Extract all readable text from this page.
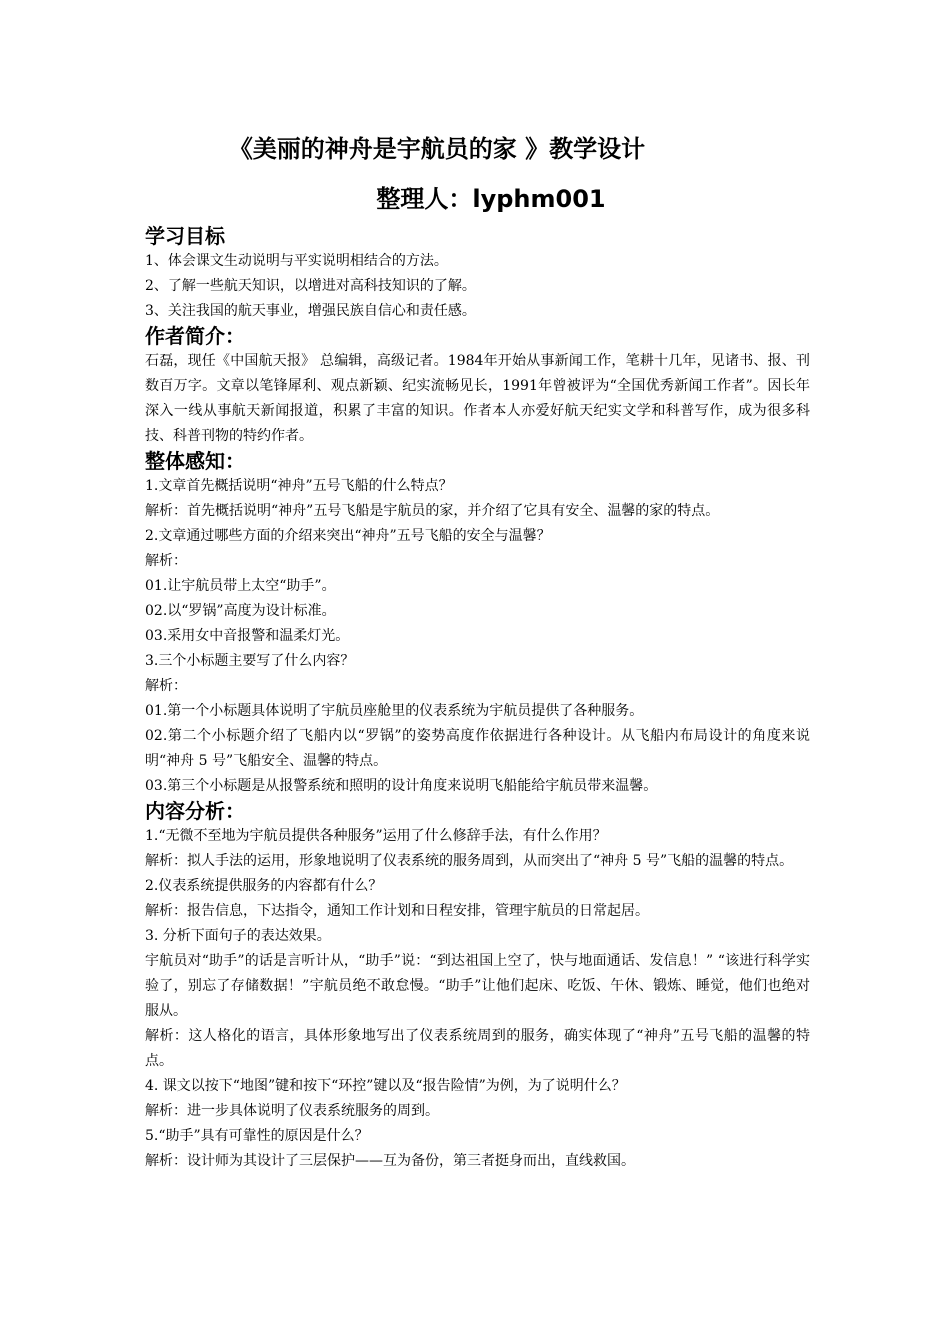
《美丽的神舟是宇航员的家 》教学设计
整理人：lyphm001
学习目标

1、体会课文生动说明与平实说明相结合的方法。

2、了解一些航天知识，以增进对高科技知识的了解。

3、关注我国的航天事业，增强民族自信心和责任感。

作者简介：

石磊，现任《中国航天报》 总编辑，高级记者。1984年开始从事新闻工作，笔耕十几年，见诸书、报、刊数百万字。文章以笔锋犀利、观点新颖、纪实流畅见长，1991年曾被评为“全国优秀新闻工作者”。因长年深入一线从事航天新闻报道，积累了丰富的知识。作者本人亦爱好航天纪实文学和科普写作，成为很多科技、科普刊物的特约作者。

整体感知：

1.文章首先概括说明“神舟”五号飞船的什么特点？

解析：首先概括说明“神舟”五号飞船是宇航员的家，并介绍了它具有安全、温馨的家的特点。

2.文章通过哪些方面的介绍来突出“神舟”五号飞船的安全与温馨？

解析：

01.让宇航员带上太空“助手”。

02.以“罗锅”高度为设计标准。

03.采用女中音报警和温柔灯光。

3.三个小标题主要写了什么内容？

解析：

01.第一个小标题具体说明了宇航员座舱里的仪表系统为宇航员提供了各种服务。

02.第二个小标题介绍了飞船内以“罗锅”的姿势高度作依据进行各种设计。从飞船内布局设计的角度来说明“神舟 5 号”飞船安全、温馨的特点。

03.第三个小标题是从报警系统和照明的设计角度来说明飞船能给宇航员带来温馨。

内容分析：

1.“无微不至地为宇航员提供各种服务”运用了什么修辞手法，有什么作用？

解析：拟人手法的运用，形象地说明了仪表系统的服务周到，从而突出了“神舟 5 号”飞船的温馨的特点。

2.仪表系统提供服务的内容都有什么？

解析：报告信息，下达指令，通知工作计划和日程安排，管理宇航员的日常起居。

3. 分析下面句子的表达效果。

宇航员对“助手”的话是言听计从，“助手”说：“到达祖国上空了，快与地面通话、发信息！” “该进行科学实验了，别忘了存储数据！”宇航员绝不敢怠慢。“助手”让他们起床、吃饭、午休、锻炼、睡觉，他们也绝对服从。

解析：这人格化的语言，具体形象地写出了仪表系统周到的服务，确实体现了“神舟”五号飞船的温馨的特点。

4. 课文以按下“地图”键和按下“环控”键以及“报告险情”为例，为了说明什么？

解析：进一步具体说明了仪表系统服务的周到。

5.“助手”具有可靠性的原因是什么？

解析：设计师为其设计了三层保护——互为备份，第三者挺身而出，直线救国。
